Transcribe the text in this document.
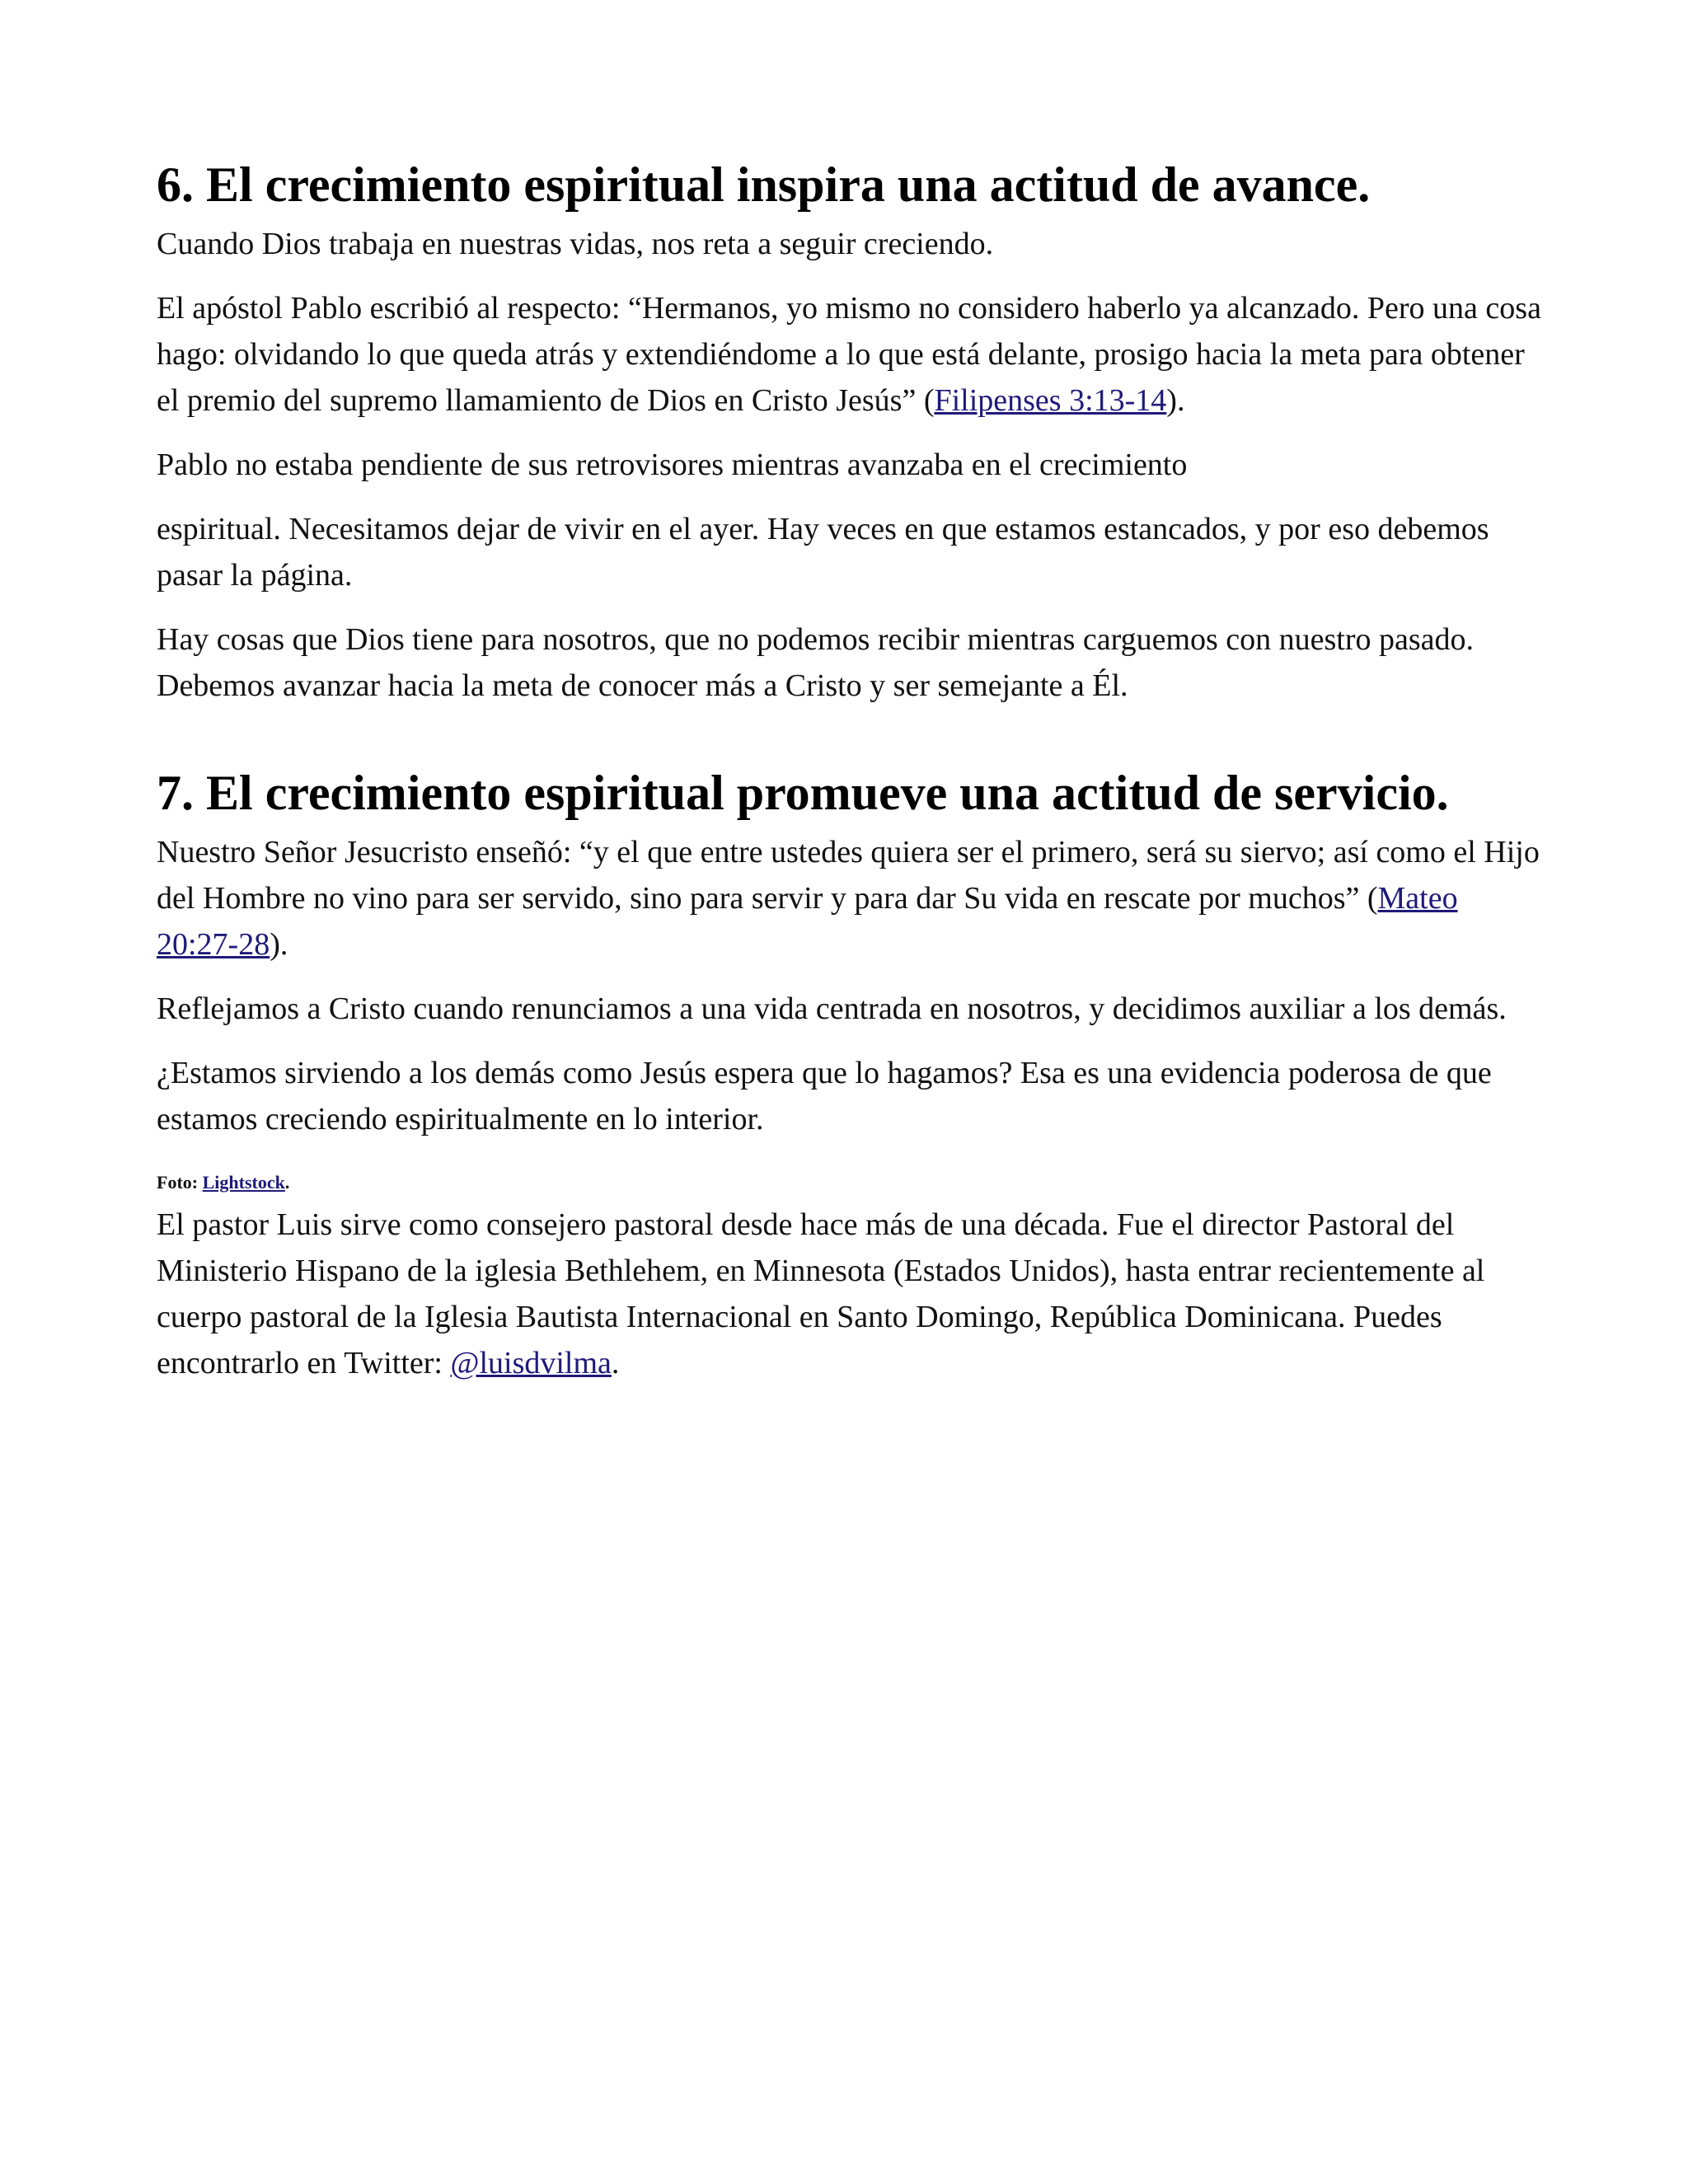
6. El crecimiento espiritual inspira una actitud de avance.

Cuando Dios trabaja en nuestras vidas, nos reta a seguir creciendo.

El apóstol Pablo escribió al respecto: “Hermanos, yo mismo no considero haberlo ya alcanzado. Pero una cosa hago: olvidando lo que queda atrás y extendiéndome a lo que está delante, prosigo hacia la meta para obtener el premio del supremo llamamiento de Dios en Cristo Jesús” (Filipenses 3:13-14).

Pablo no estaba pendiente de sus retrovisores mientras avanzaba en el crecimiento

espiritual. Necesitamos dejar de vivir en el ayer. Hay veces en que estamos estancados, y por eso debemos pasar la página.

Hay cosas que Dios tiene para nosotros, que no podemos recibir mientras carguemos con nuestro pasado. Debemos avanzar hacia la meta de conocer más a Cristo y ser semejante a Él.

7. El crecimiento espiritual promueve una actitud de servicio.

Nuestro Señor Jesucristo enseñó: “y el que entre ustedes quiera ser el primero, será su siervo; así como el Hijo del Hombre no vino para ser servido, sino para servir y para dar Su vida en rescate por muchos” (Mateo 20:27-28).

Reflejamos a Cristo cuando renunciamos a una vida centrada en nosotros, y decidimos auxiliar a los demás.

¿Estamos sirviendo a los demás como Jesús espera que lo hagamos? Esa es una evidencia poderosa de que estamos creciendo espiritualmente en lo interior.

Foto: Lightstock.

El pastor Luis sirve como consejero pastoral desde hace más de una década. Fue el director Pastoral del Ministerio Hispano de la iglesia Bethlehem, en Minnesota (Estados Unidos), hasta entrar recientemente al cuerpo pastoral de la Iglesia Bautista Internacional en Santo Domingo, República Dominicana. Puedes encontrarlo en Twitter: @luisdvilma.
